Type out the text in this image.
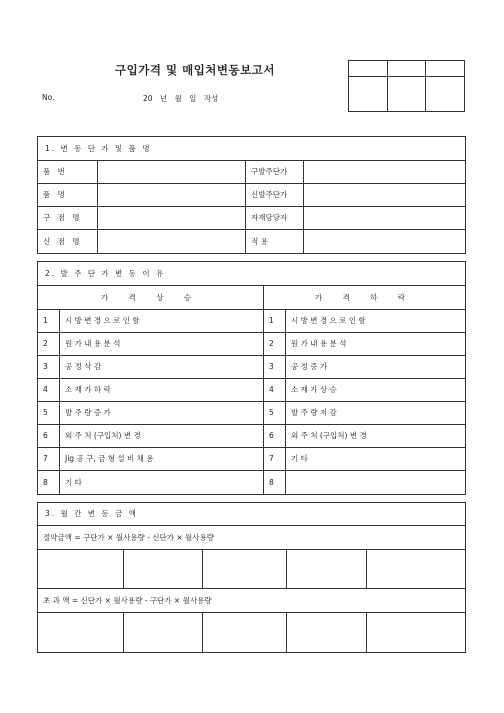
구입가격 및 매입처변동보고서

No.	20 년 월 일 작성
1. 변 동 단 가 및 품 명			
품 번		구발주단가	
품 명		신발주단가	
구 점 명		자재담당자	
신 점 명		적 용	
2. 발 주 단 가 변 동 이 유			
가 격 상 승		가 격 하 락	
1	시 방 변 경 으 로 인 함	1	시 방 변 경 으 로 인 함
2	원 가 내 용 분 석	2	원 가 내 용 분 석
3	공 정 삭 감	3	공 정 증 가
4	소 재 가 하 락	4	소 재 가 상 승
5	발 주 량 증 가	5	발 주 량 저 감
6	외 주 처 (구입처) 변 경	6	외 주 처 (구입처) 변 경
7	Jig 공 구, 금 형 설 비 채 용	7	기 타
8	기 타	8	
3. 월 간 변 동 금 액				
절약금액 = 구단가 × 월사용량 - 신단가 × 월사용량				

초 과 액 = 신단가 × 월사용량 - 구단가 × 월사용량				
